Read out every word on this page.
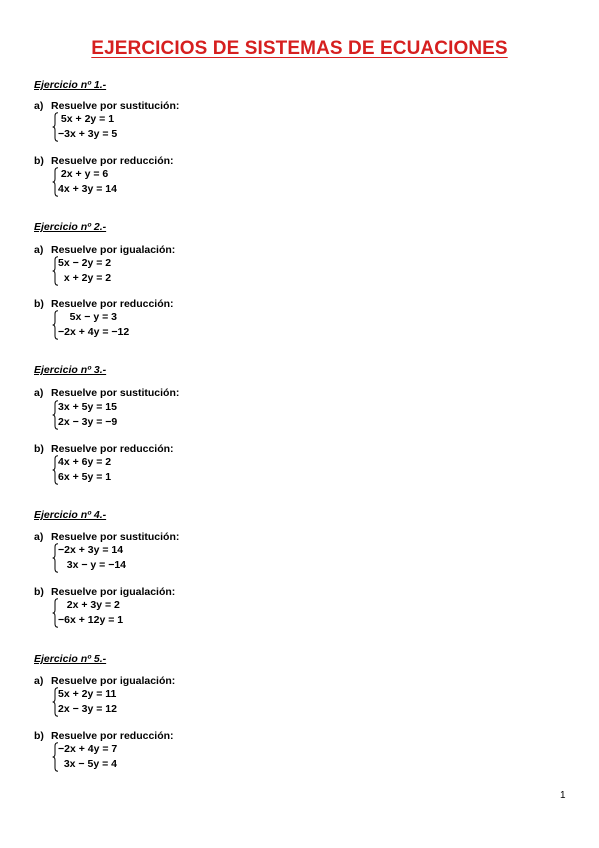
EJERCICIOS DE SISTEMAS DE ECUACIONES
Ejercicio nº 1.-
a) Resuelve por sustitución:
5x + 2y = 1
−3x + 3y = 5
b) Resuelve por reducción:
2x + y = 6
4x + 3y = 14
Ejercicio nº 2.-
a) Resuelve por igualación:
5x − 2y = 2
x + 2y = 2
b) Resuelve por reducción:
5x − y = 3
−2x + 4y = −12
Ejercicio nº 3.-
a) Resuelve por sustitución:
3x + 5y = 15
2x − 3y = −9
b) Resuelve por reducción:
4x + 6y = 2
6x + 5y = 1
Ejercicio nº 4.-
a) Resuelve por sustitución:
−2x + 3y = 14
3x − y = −14
b) Resuelve por igualación:
2x + 3y = 2
−6x + 12y = 1
Ejercicio nº 5.-
a) Resuelve por igualación:
5x + 2y = 11
2x − 3y = 12
b) Resuelve por reducción:
−2x + 4y = 7
3x − 5y = 4
1
